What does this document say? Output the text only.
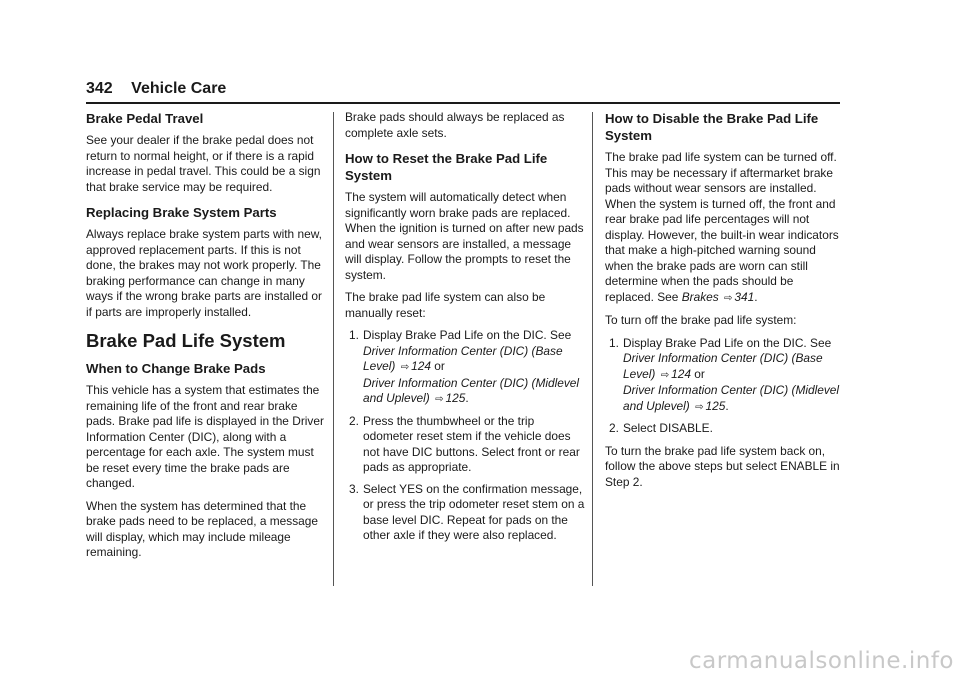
342 Vehicle Care
Brake Pedal Travel

See your dealer if the brake pedal does not return to normal height, or if there is a rapid increase in pedal travel. This could be a sign that brake service may be required.

Replacing Brake System Parts

Always replace brake system parts with new, approved replacement parts. If this is not done, the brakes may not work properly. The braking performance can change in many ways if the wrong brake parts are installed or if parts are improperly installed.

Brake Pad Life System
When to Change Brake Pads

This vehicle has a system that estimates the remaining life of the front and rear brake pads. Brake pad life is displayed in the Driver Information Center (DIC), along with a percentage for each axle. The system must be reset every time the brake pads are changed.

When the system has determined that the brake pads need to be replaced, a message will display, which may include mileage remaining.

Brake pads should always be replaced as complete axle sets.

How to Reset the Brake Pad Life System

The system will automatically detect when significantly worn brake pads are replaced. When the ignition is turned on after new pads and wear sensors are installed, a message will display. Follow the prompts to reset the system.

The brake pad life system can also be manually reset:

1. Display Brake Pad Life on the DIC. See Driver Information Center (DIC) (Base Level) ⇨ 124 or
Driver Information Center (DIC) (Midlevel and Uplevel) ⇨ 125.
2. Press the thumbwheel or the trip odometer reset stem if the vehicle does not have DIC buttons. Select front or rear pads as appropriate.
3. Select YES on the confirmation message, or press the trip odometer reset stem on a base level DIC. Repeat for pads on the other axle if they were also replaced.
How to Disable the Brake Pad Life System

The brake pad life system can be turned off. This may be necessary if aftermarket brake pads without wear sensors are installed. When the system is turned off, the front and rear brake pad life percentages will not display. However, the built-in wear indicators that make a high-pitched warning sound when the brake pads are worn can still determine when the pads should be replaced. See Brakes ⇨ 341.

To turn off the brake pad life system:

1. Display Brake Pad Life on the DIC. See Driver Information Center (DIC) (Base Level) ⇨ 124 or
Driver Information Center (DIC) (Midlevel and Uplevel) ⇨ 125.
2. Select DISABLE.

To turn the brake pad life system back on, follow the above steps but select ENABLE in Step 2.

carmanualsonline.info
